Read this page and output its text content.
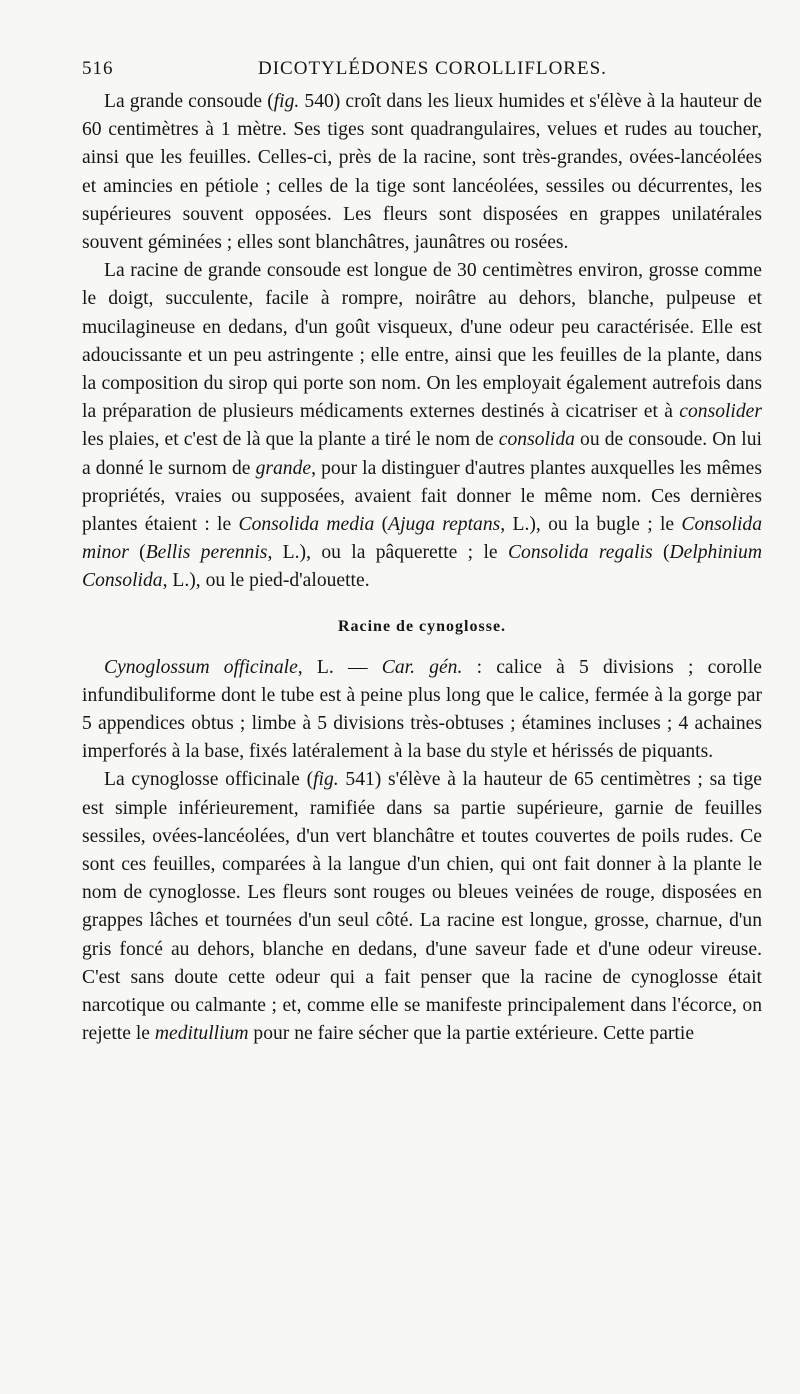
516	DICOTYLÉDONES COROLLIFLORES.

La grande consoude (fig. 540) croît dans les lieux humides et s'élève à la hauteur de 60 centimètres à 1 mètre. Ses tiges sont quadrangulaires, velues et rudes au toucher, ainsi que les feuilles. Celles-ci, près de la racine, sont très-grandes, ovées-lancéolées et amincies en pétiole ; celles de la tige sont lancéolées, sessiles ou décurrentes, les supérieures souvent opposées. Les fleurs sont disposées en grappes unilatérales souvent géminées ; elles sont blanchâtres, jaunâtres ou rosées.

La racine de grande consoude est longue de 30 centimètres environ, grosse comme le doigt, succulente, facile à rompre, noirâtre au dehors, blanche, pulpeuse et mucilagineuse en dedans, d'un goût visqueux, d'une odeur peu caractérisée. Elle est adoucissante et un peu astringente ; elle entre, ainsi que les feuilles de la plante, dans la composition du sirop qui porte son nom. On les employait également autrefois dans la préparation de plusieurs médicaments externes destinés à cicatriser et à consolider les plaies, et c'est de là que la plante a tiré le nom de consolida ou de consoude. On lui a donné le surnom de grande, pour la distinguer d'autres plantes auxquelles les mêmes propriétés, vraies ou supposées, avaient fait donner le même nom. Ces dernières plantes étaient : le Consolida media (Ajuga reptans, L.), ou la bugle ; le Consolida minor (Bellis perennis, L.), ou la pâquerette ; le Consolida regalis (Delphinium Consolida, L.), ou le pied-d'alouette.

Racine de cynoglosse.

Cynoglossum officinale, L. — Car. gén. : calice à 5 divisions ; corolle infundibuliforme dont le tube est à peine plus long que le calice, fermée à la gorge par 5 appendices obtus ; limbe à 5 divisions très-obtuses ; étamines incluses ; 4 achaines imperforés à la base, fixés latéralement à la base du style et hérissés de piquants.

La cynoglosse officinale (fig. 541) s'élève à la hauteur de 65 centimètres ; sa tige est simple inférieurement, ramifiée dans sa partie supérieure, garnie de feuilles sessiles, ovées-lancéolées, d'un vert blanchâtre et toutes couvertes de poils rudes. Ce sont ces feuilles, comparées à la langue d'un chien, qui ont fait donner à la plante le nom de cynoglosse. Les fleurs sont rouges ou bleues veinées de rouge, disposées en grappes lâches et tournées d'un seul côté. La racine est longue, grosse, charnue, d'un gris foncé au dehors, blanche en dedans, d'une saveur fade et d'une odeur vireuse. C'est sans doute cette odeur qui a fait penser que la racine de cynoglosse était narcotique ou calmante ; et, comme elle se manifeste principalement dans l'écorce, on rejette le meditullium pour ne faire sécher que la partie extérieure. Cette partie
